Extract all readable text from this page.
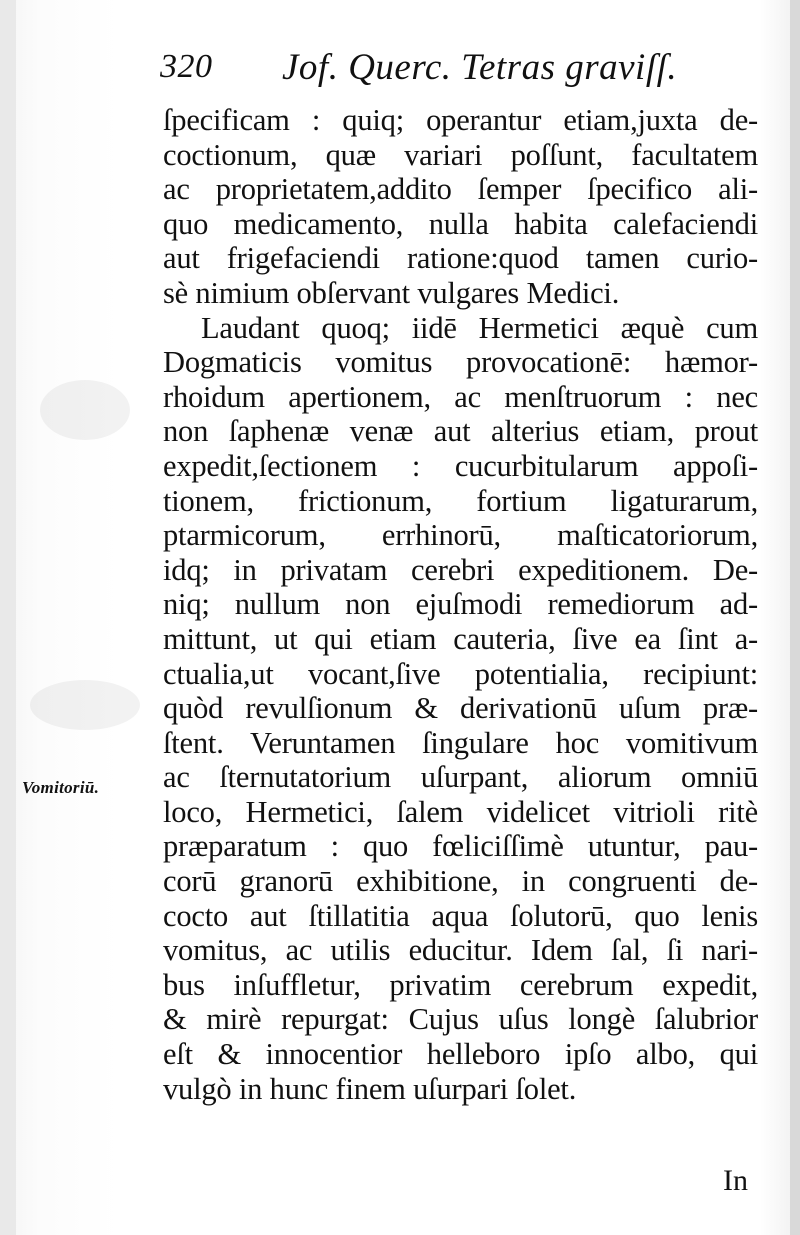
320 Jof. Querc. Tetras graviſſ.
Vomitoriū.
ſpecificam : quiq; operantur etiam,juxta de-
coctionum, quæ variari poſſunt, facultatem
ac proprietatem,addito ſemper ſpecifico ali-
quo medicamento, nulla habita calefaciendi
aut frigefaciendi ratione:quod tamen curio-
sè nimium obſervant vulgares Medici.
Laudant quoq; iidē Hermetici æquè cum
Dogmaticis vomitus provocationē: hæmor-
rhoidum apertionem, ac menſtruorum : nec
non ſaphenæ venæ aut alterius etiam, prout
expedit,ſectionem : cucurbitularum appoſi-
tionem, frictionum, fortium ligaturarum,
ptarmicorum, errhinorū, maſticatoriorum,
idq; in privatam cerebri expeditionem. De-
niq; nullum non ejuſmodi remediorum ad-
mittunt, ut qui etiam cauteria, ſive ea ſint a-
ctualia,ut vocant,ſive potentialia, recipiunt:
quòd revulſionum & derivationū uſum præ-
ſtent. Veruntamen ſingulare hoc vomitivum
ac ſternutatorium uſurpant, aliorum omniū
loco, Hermetici, ſalem videlicet vitrioli ritè
præparatum : quo fœliciſſimè utuntur, pau-
corū granorū exhibitione, in congruenti de-
cocto aut ſtillatitia aqua ſolutorū, quo lenis
vomitus, ac utilis educitur. Idem ſal, ſi nari-
bus inſuffletur, privatim cerebrum expedit,
& mirè repurgat: Cujus uſus longè ſalubrior
eſt & innocentior helleboro ipſo albo, qui
vulgò in hunc finem uſurpari ſolet.
In
